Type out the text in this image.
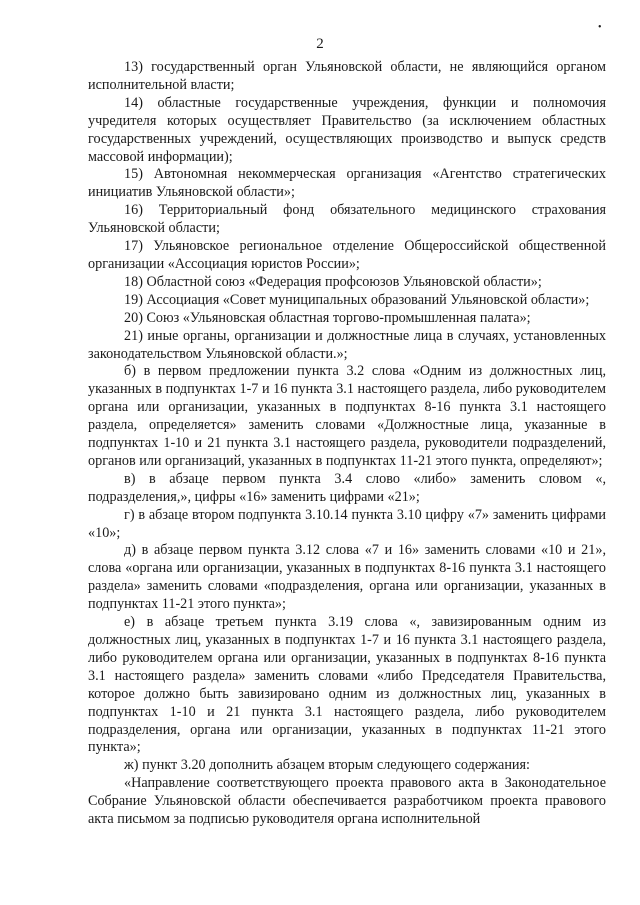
2
•

13) государственный орган Ульяновской области, не являющийся органом исполнительной власти;

14) областные государственные учреждения, функции и полномочия учредителя которых осуществляет Правительство (за исключением областных государственных учреждений, осуществляющих производство и выпуск средств массовой информации);

15) Автономная некоммерческая организация «Агентство стратегических инициатив Ульяновской области»;

16) Территориальный фонд обязательного медицинского страхования Ульяновской области;

17) Ульяновское региональное отделение Общероссийской общественной организации «Ассоциация юристов России»;

18) Областной союз «Федерация профсоюзов Ульяновской области»;

19) Ассоциация «Совет муниципальных образований Ульяновской области»;

20) Союз «Ульяновская областная торгово-промышленная палата»;

21) иные органы, организации и должностные лица в случаях, установленных законодательством Ульяновской области.»;

б) в первом предложении пункта 3.2 слова «Одним из должностных лиц, указанных в подпунктах 1-7 и 16 пункта 3.1 настоящего раздела, либо руководителем органа или организации, указанных в подпунктах 8-16 пункта 3.1 настоящего раздела, определяется» заменить словами «Должностные лица, указанные в подпунктах 1-10 и 21 пункта 3.1 настоящего раздела, руководители подразделений, органов или организаций, указанных в подпунктах 11-21 этого пункта, определяют»;

в) в абзаце первом пункта 3.4 слово «либо» заменить словом «, подразделения,», цифры «16» заменить цифрами «21»;

г) в абзаце втором подпункта 3.10.14 пункта 3.10 цифру «7» заменить цифрами «10»;

д) в абзаце первом пункта 3.12 слова «7 и 16» заменить словами «10 и 21», слова «органа или организации, указанных в подпунктах 8-16 пункта 3.1 настоящего раздела» заменить словами «подразделения, органа или организации, указанных в подпунктах 11-21 этого пункта»;

е) в абзаце третьем пункта 3.19 слова «, завизированным одним из должностных лиц, указанных в подпунктах 1-7 и 16 пункта 3.1 настоящего раздела, либо руководителем органа или организации, указанных в подпунктах 8-16 пункта 3.1 настоящего раздела» заменить словами «либо Председателя Правительства, которое должно быть завизировано одним из должностных лиц, указанных в подпунктах 1-10 и 21 пункта 3.1 настоящего раздела, либо руководителем подразделения, органа или организации, указанных в подпунктах 11-21 этого пункта»;

ж) пункт 3.20 дополнить абзацем вторым следующего содержания:

«Направление соответствующего проекта правового акта в Законодательное Собрание Ульяновской области обеспечивается разработчиком проекта правового акта письмом за подписью руководителя органа исполнительной
